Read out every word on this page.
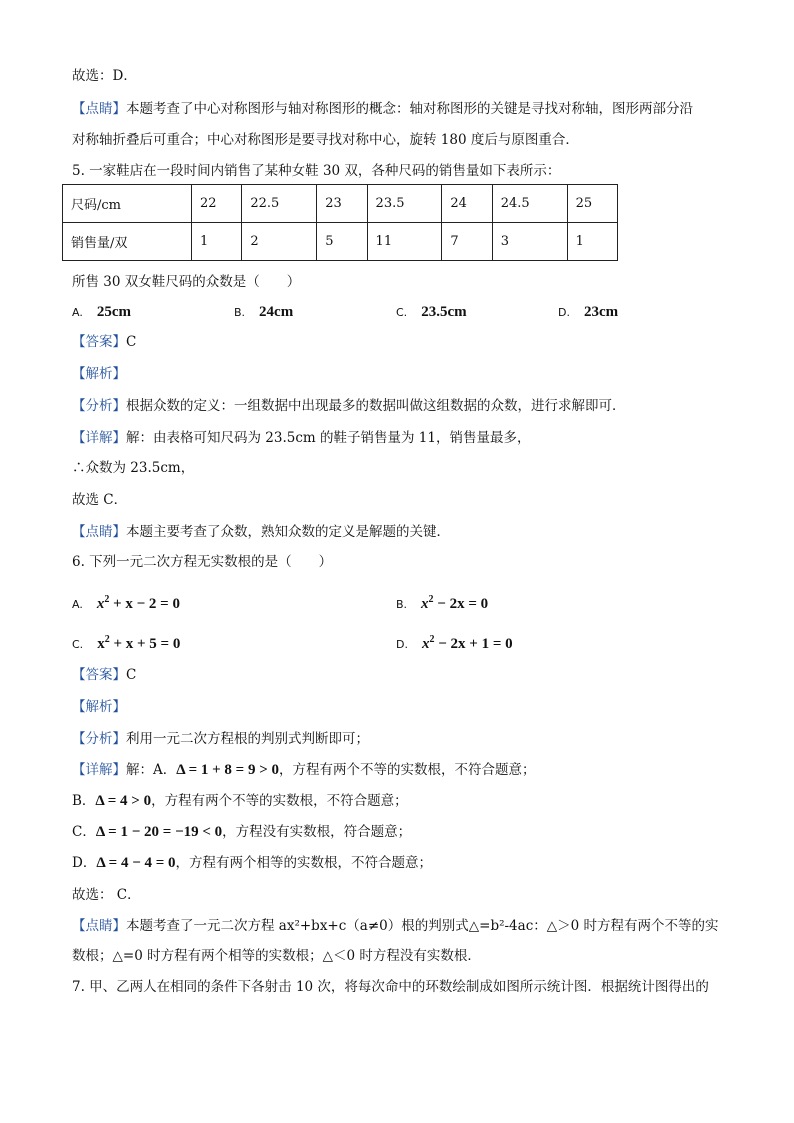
故选：D．
【点睛】本题考查了中心对称图形与轴对称图形的概念：轴对称图形的关键是寻找对称轴，图形两部分沿
对称轴折叠后可重合；中心对称图形是要寻找对称中心，旋转 180 度后与原图重合．
5. 一家鞋店在一段时间内销售了某种女鞋 30 双，各种尺码的销售量如下表所示：
尺码/cm	22	22.5	23	23.5	24	24.5	25
销售量/双	1	2	5	11	7	3	1
所售 30 双女鞋尺码的众数是（　　）
A. 25cm	B. 24cm	C. 23.5cm	D. 23cm
【答案】C
【解析】
【分析】根据众数的定义：一组数据中出现最多的数据叫做这组数据的众数，进行求解即可．
【详解】解：由表格可知尺码为 23.5cm 的鞋子销售量为 11，销售量最多，
∴众数为 23.5cm，
故选 C．
【点睛】本题主要考查了众数，熟知众数的定义是解题的关键．
6. 下列一元二次方程无实数根的是（　　）
A. $x^2 + x - 2 = 0$	B. $x^2 - 2x = 0$
C. $x^2 + x + 5 = 0$	D. $x^2 - 2x + 1 = 0$
【答案】C
【解析】
【分析】利用一元二次方程根的判别式判断即可；
【详解】解：A．Δ = 1 + 8 = 9 > 0，方程有两个不等的实数根，不符合题意；
B．Δ = 4 > 0，方程有两个不等的实数根，不符合题意；
C．Δ = 1 − 20 = −19 < 0，方程没有实数根，符合题意；
D．Δ = 4 − 4 = 0，方程有两个相等的实数根，不符合题意；
故选： C．
【点睛】本题考查了一元二次方程 ax²+bx+c（a≠0）根的判别式△=b²-4ac：△＞0 时方程有两个不等的实
数根；△=0 时方程有两个相等的实数根；△＜0 时方程没有实数根．
7. 甲、乙两人在相同的条件下各射击 10 次，将每次命中的环数绘制成如图所示统计图．根据统计图得出的
